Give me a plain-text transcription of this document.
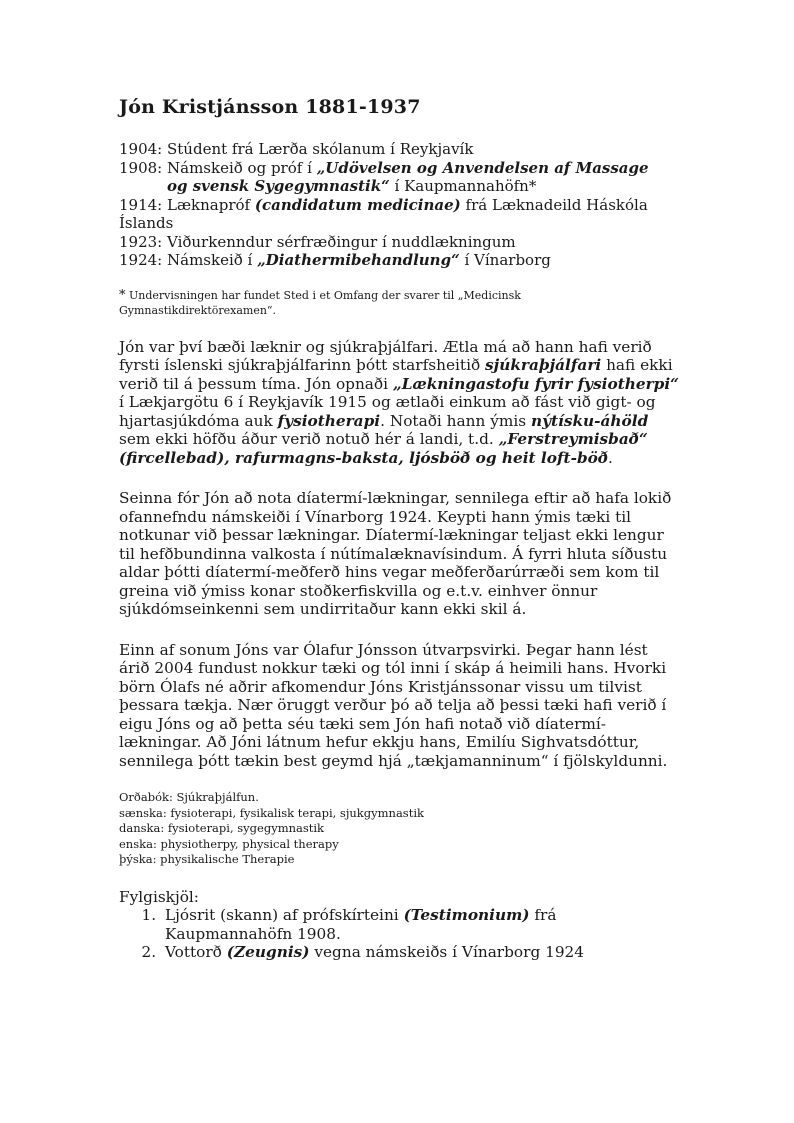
Jón Kristjánsson 1881-1937
1904: Stúdent frá Lærða skólanum í Reykjavík
1908: Námskeið og próf í „Udövelsen og Anvendelsen af Massage
og svensk Sygegymnastik“ í Kaupmannahöfn*
1914: Læknapróf (candidatum medicinae) frá Læknadeild Háskóla
Íslands
1923: Viðurkenndur sérfræðingur í nuddlækningum
1924: Námskeið í „Diathermibehandlung“ í Vínarborg
* Undervisningen har fundet Sted i et Omfang der svarer til „Medicinsk
Gymnastikdirektörexamen“.

Jón var því bæði læknir og sjúkraþjálfari. Ætla má að hann hafi verið fyrsti íslenski sjúkraþjálfarinn þótt starfsheitið sjúkraþjálfari hafi ekki verið til á þessum tíma. Jón opnaði „Lækningastofu fyrir fysiotherpi“ í Lækjargötu 6 í Reykjavík 1915 og ætlaði einkum að fást við gigt- og hjartasjúkdóma auk fysiotherapi. Notaði hann ýmis nýtísku-áhöld sem ekki höfðu áður verið notuð hér á landi, t.d. „Ferstreymisbað“ (fircellebad), rafurmagns-baksta, ljósböð og heit loft-böð.

Seinna fór Jón að nota díatermí-lækningar, sennilega eftir að hafa lokið ofannefndu námskeiði í Vínarborg 1924. Keypti hann ýmis tæki til notkunar við þessar lækningar. Díatermí-lækningar teljast ekki lengur til hefðbundinna valkosta í nútímalæknavísindum. Á fyrri hluta síðustu aldar þótti díatermí-meðferð hins vegar meðferðarúrræði sem kom til greina við ýmiss konar stoðkerfiskvilla og e.t.v. einhver önnur sjúkdómseinkenni sem undirritaður kann ekki skil á.

Einn af sonum Jóns var Ólafur Jónsson útvarpsvirki. Þegar hann lést árið 2004 fundust nokkur tæki og tól inni í skáp á heimili hans. Hvorki börn Ólafs né aðrir afkomendur Jóns Kristjánssonar vissu um tilvist þessara tækja. Nær öruggt verður þó að telja að þessi tæki hafi verið í eigu Jóns og að þetta séu tæki sem Jón hafi notað við díatermí-lækningar. Að Jóni látnum hefur ekkju hans, Emilíu Sighvatsdóttur, sennilega þótt tækin best geymd hjá „tækjamanninum“ í fjölskyldunni.

Orðabók: Sjúkraþjálfun.
sænska: fysioterapi, fysikalisk terapi, sjukgymnastik
danska: fysioterapi, sygegymnastik
enska: physiotherpy, physical therapy
þýska: physikalische Therapie
Fylgiskjöl:
1. Ljósrit (skann) af prófskírteini (Testimonium) frá Kaupmannahöfn 1908.
2. Vottorð (Zeugnis) vegna námskeiðs í Vínarborg 1924
